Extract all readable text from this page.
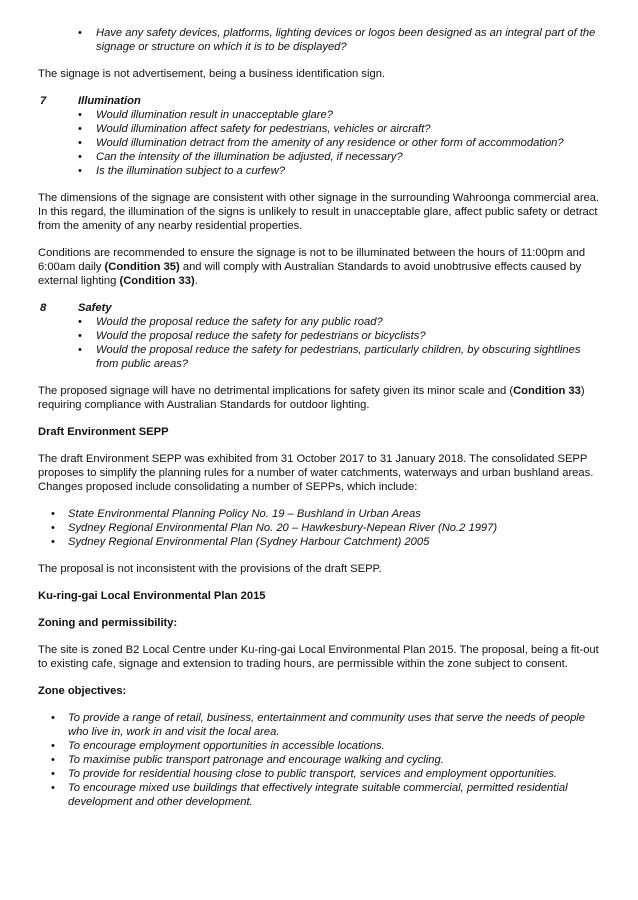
•	Have any safety devices, platforms, lighting devices or logos been designed as an integral part of the signage or structure on which it is to be displayed?

The signage is not advertisement, being a business identification sign.

7	Illumination
•	Would illumination result in unacceptable glare?
•	Would illumination affect safety for pedestrians, vehicles or aircraft?
•	Would illumination detract from the amenity of any residence or other form of accommodation?
•	Can the intensity of the illumination be adjusted, if necessary?
•	Is the illumination subject to a curfew?

The dimensions of the signage are consistent with other signage in the surrounding Wahroonga commercial area. In this regard, the illumination of the signs is unlikely to result in unacceptable glare, affect public safety or detract from the amenity of any nearby residential properties.

Conditions are recommended to ensure the signage is not to be illuminated between the hours of 11:00pm and 6:00am daily (Condition 35) and will comply with Australian Standards to avoid unobtrusive effects caused by external lighting (Condition 33).

8	Safety
•	Would the proposal reduce the safety for any public road?
•	Would the proposal reduce the safety for pedestrians or bicyclists?
•	Would the proposal reduce the safety for pedestrians, particularly children, by obscuring sightlines from public areas?

The proposed signage will have no detrimental implications for safety given its minor scale and (Condition 33) requiring compliance with Australian Standards for outdoor lighting.

Draft Environment SEPP

The draft Environment SEPP was exhibited from 31 October 2017 to 31 January 2018. The consolidated SEPP proposes to simplify the planning rules for a number of water catchments, waterways and urban bushland areas. Changes proposed include consolidating a number of SEPPs, which include:

•	State Environmental Planning Policy No. 19 – Bushland in Urban Areas
•	Sydney Regional Environmental Plan No. 20 – Hawkesbury-Nepean River (No.2 1997)
•	Sydney Regional Environmental Plan (Sydney Harbour Catchment) 2005

The proposal is not inconsistent with the provisions of the draft SEPP.

Ku-ring-gai Local Environmental Plan 2015

Zoning and permissibility:

The site is zoned B2 Local Centre under Ku-ring-gai Local Environmental Plan 2015. The proposal, being a fit-out to existing cafe, signage and extension to trading hours, are permissible within the zone subject to consent.

Zone objectives:

•	To provide a range of retail, business, entertainment and community uses that serve the needs of people who live in, work in and visit the local area.
•	To encourage employment opportunities in accessible locations.
•	To maximise public transport patronage and encourage walking and cycling.
•	To provide for residential housing close to public transport, services and employment opportunities.
•	To encourage mixed use buildings that effectively integrate suitable commercial, permitted residential development and other development.
